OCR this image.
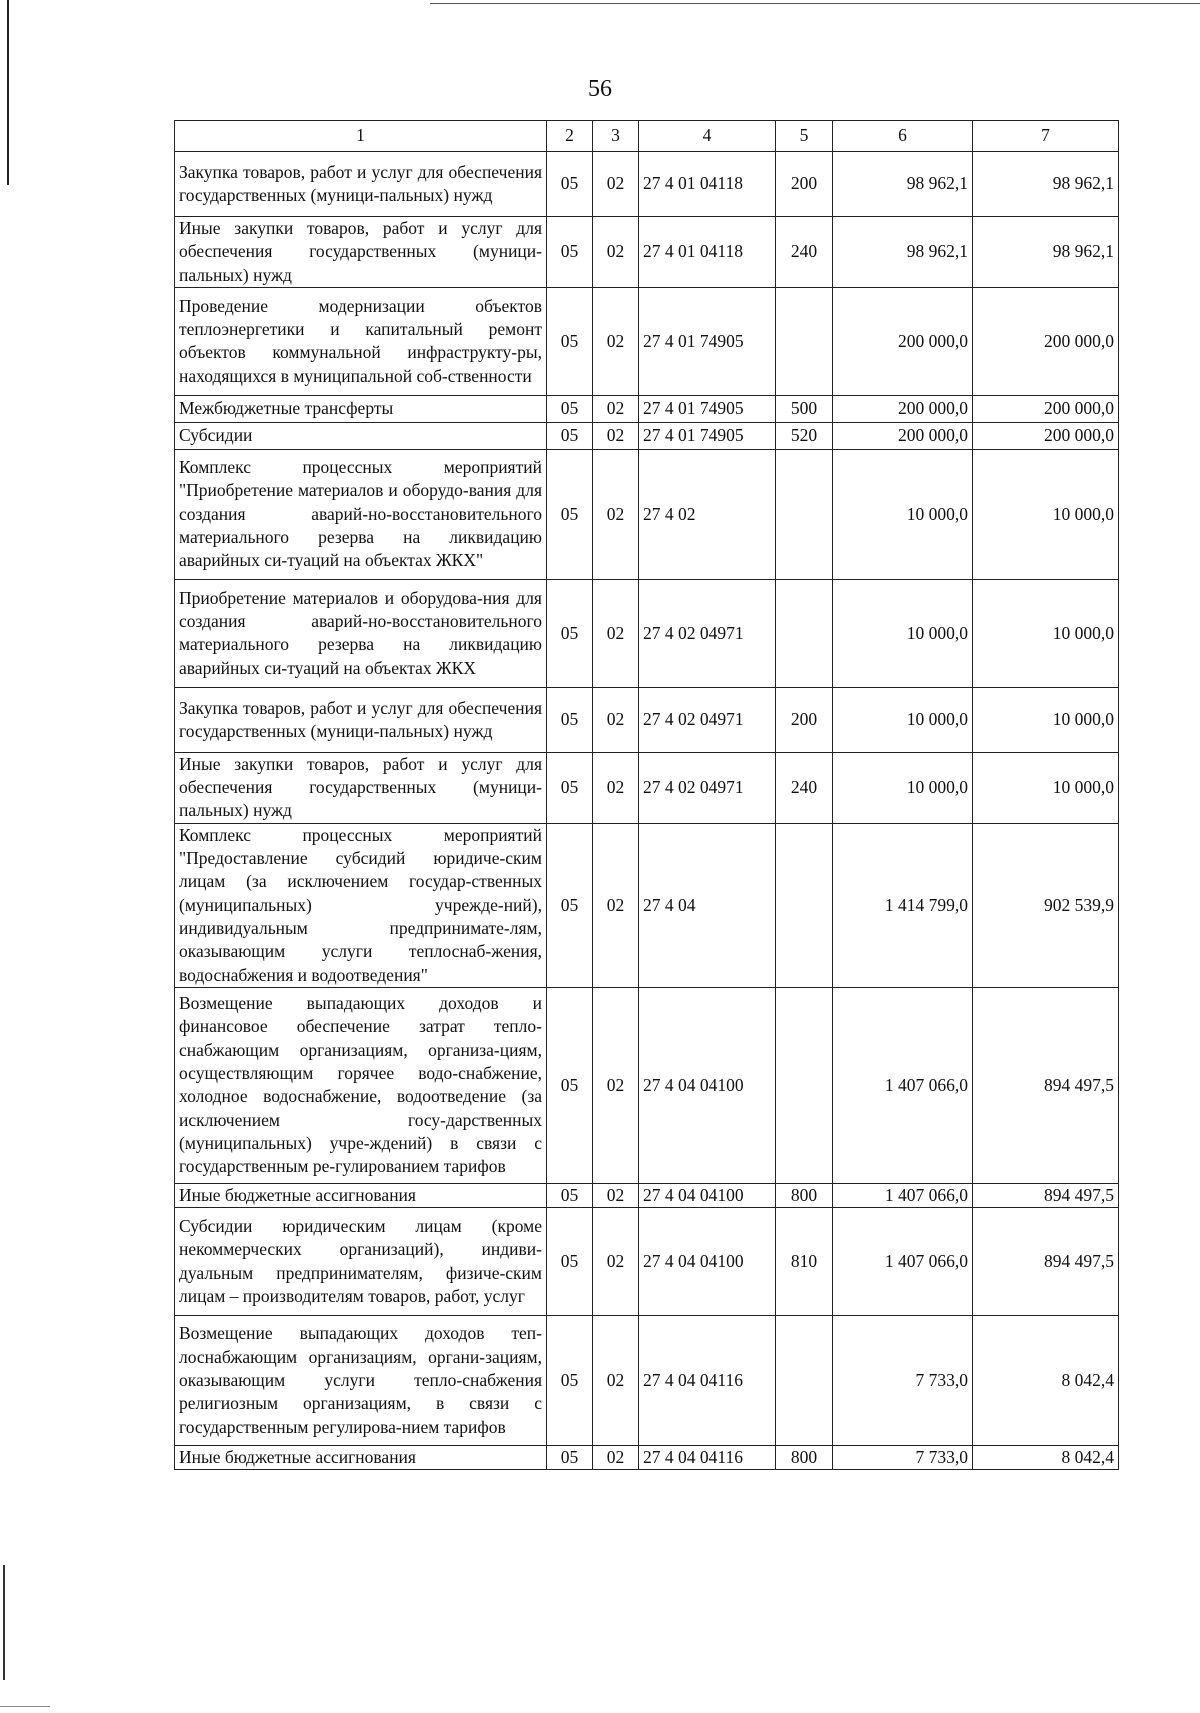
56
1	2	3	4	5	6	7
Закупка товаров, работ и услуг для обеспечения государственных (муници-пальных) нужд	05	02	27 4 01 04118	200	98 962,1	98 962,1
Иные закупки товаров, работ и услуг для обеспечения государственных (муници-пальных) нужд	05	02	27 4 01 04118	240	98 962,1	98 962,1
Проведение модернизации объектов теплоэнергетики и капитальный ремонт объектов коммунальной инфраструкту-ры, находящихся в муниципальной соб-ственности	05	02	27 4 01 74905		200 000,0	200 000,0
Межбюджетные трансферты	05	02	27 4 01 74905	500	200 000,0	200 000,0
Субсидии	05	02	27 4 01 74905	520	200 000,0	200 000,0
Комплекс процессных мероприятий "Приобретение материалов и оборудо-вания для создания аварий-но-восстановительного материального резерва на ликвидацию аварийных си-туаций на объектах ЖКХ"	05	02	27 4 02		10 000,0	10 000,0
Приобретение материалов и оборудова-ния для создания аварий-но-восстановительного материального резерва на ликвидацию аварийных си-туаций на объектах ЖКХ	05	02	27 4 02 04971		10 000,0	10 000,0
Закупка товаров, работ и услуг для обеспечения государственных (муници-пальных) нужд	05	02	27 4 02 04971	200	10 000,0	10 000,0
Иные закупки товаров, работ и услуг для обеспечения государственных (муници-пальных) нужд	05	02	27 4 02 04971	240	10 000,0	10 000,0
Комплекс процессных мероприятий "Предоставление субсидий юридиче-ским лицам (за исключением государ-ственных (муниципальных) учрежде-ний), индивидуальным предпринимате-лям, оказывающим услуги теплоснаб-жения, водоснабжения и водоотведения"	05	02	27 4 04		1 414 799,0	902 539,9
Возмещение выпадающих доходов и финансовое обеспечение затрат тепло-снабжающим организациям, организа-циям, осуществляющим горячее водо-снабжение, холодное водоснабжение, водоотведение (за исключением госу-дарственных (муниципальных) учре-ждений) в связи с государственным ре-гулированием тарифов	05	02	27 4 04 04100		1 407 066,0	894 497,5
Иные бюджетные ассигнования	05	02	27 4 04 04100	800	1 407 066,0	894 497,5
Субсидии юридическим лицам (кроме некоммерческих организаций), индиви-дуальным предпринимателям, физиче-ским лицам – производителям товаров, работ, услуг	05	02	27 4 04 04100	810	1 407 066,0	894 497,5
Возмещение выпадающих доходов теп-лоснабжающим организациям, органи-зациям, оказывающим услуги тепло-снабжения религиозным организациям, в связи с государственным регулирова-нием тарифов	05	02	27 4 04 04116		7 733,0	8 042,4
Иные бюджетные ассигнования	05	02	27 4 04 04116	800	7 733,0	8 042,4
